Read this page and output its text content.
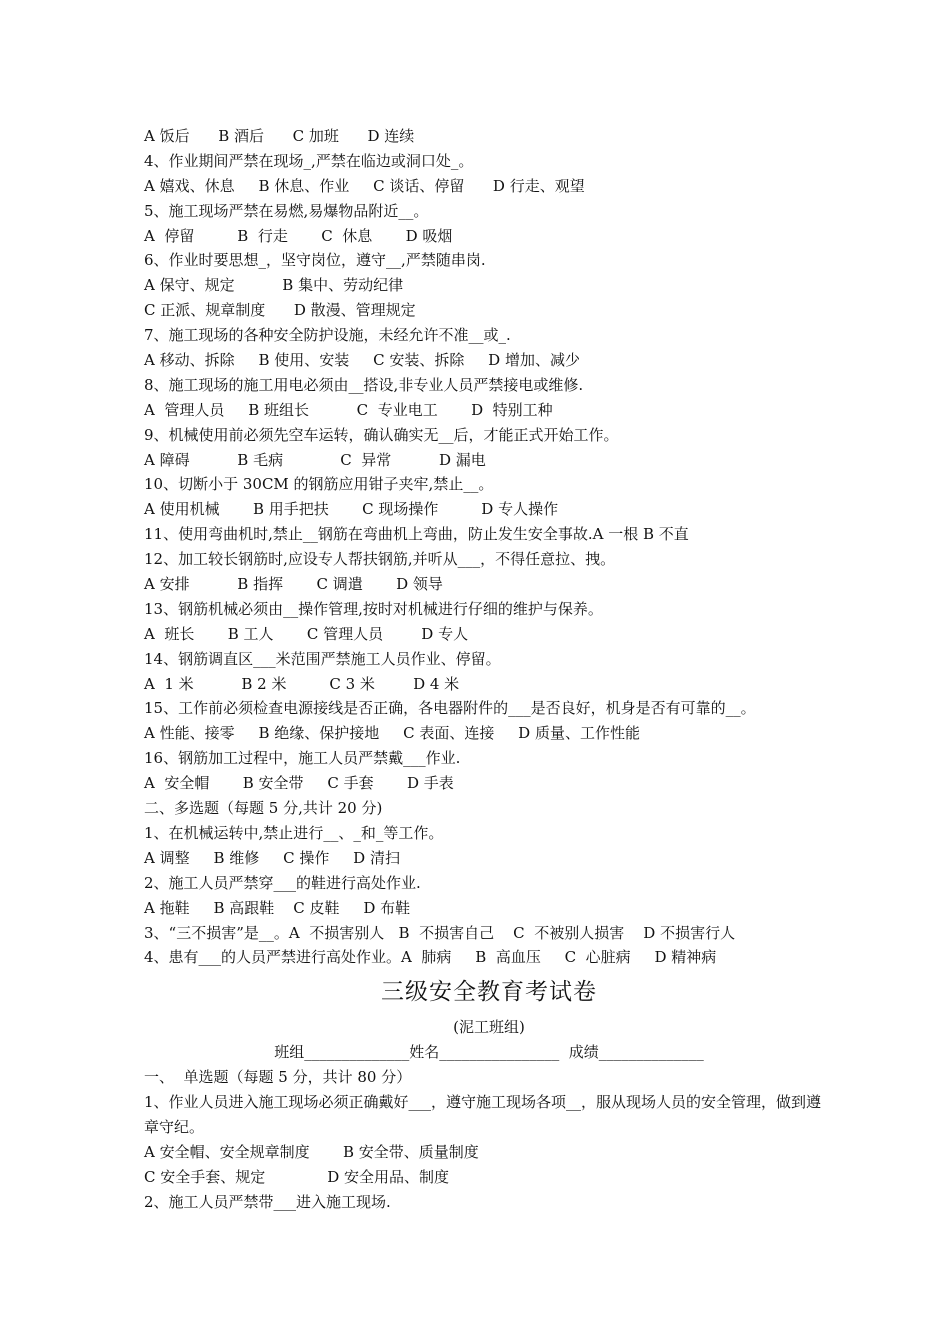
A 饭后      B 酒后      C 加班      D 连续
4、作业期间严禁在现场_,严禁在临边或洞口处_。
A 嬉戏、休息     B 休息、作业     C 谈话、停留      D 行走、观望
5、施工现场严禁在易燃,易爆物品附近__。
A  停留         B  行走       C  休息       D 吸烟
6、作业时要思想_，坚守岗位，遵守__,严禁随串岗.
A 保守、规定          B 集中、劳动纪律
C 正派、规章制度      D 散漫、管理规定
7、施工现场的各种安全防护设施，未经允许不准__或_.
A 移动、拆除     B 使用、安装     C 安装、拆除     D 增加、减少
8、施工现场的施工用电必须由__搭设,非专业人员严禁接电或维修.
A  管理人员     B 班组长          C  专业电工       D  特别工种
9、机械使用前必须先空车运转，确认确实无__后，才能正式开始工作。
A 障碍          B 毛病            C  异常          D 漏电
10、切断小于 30CM 的钢筋应用钳子夹牢,禁止__。
A 使用机械       B 用手把扶       C 现场操作         D 专人操作
11、使用弯曲机时,禁止__钢筋在弯曲机上弯曲，防止发生安全事故.A 一根 B 不直
12、加工较长钢筋时,应设专人帮扶钢筋,并听从___，不得任意拉、拽。
A 安排          B 指挥       C 调遣       D 领导
13、钢筋机械必须由__操作管理,按时对机械进行仔细的维护与保养。
A  班长       B 工人       C 管理人员        D 专人
14、钢筋调直区___米范围严禁施工人员作业、停留。
A  1 米          B 2 米         C 3 米        D 4 米
15、工作前必须检查电源接线是否正确，各电器附件的___是否良好，机身是否有可靠的__。
A 性能、接零     B 绝缘、保护接地     C 表面、连接     D 质量、工作性能
16、钢筋加工过程中，施工人员严禁戴___作业.
A  安全帽       B 安全带     C 手套       D 手表
二、多选题（每题 5 分,共计 20 分)
1、在机械运转中,禁止进行__、_和_等工作。
A 调整     B 维修     C 操作     D 清扫
2、施工人员严禁穿___的鞋进行高处作业.
A 拖鞋     B 高跟鞋    C 皮鞋     D 布鞋
3、“三不损害”是__。A  不损害别人   B  不损害自己    C  不被别人损害    D 不损害行人
4、患有___的人员严禁进行高处作业。A  肺病     B  高血压     C  心脏病     D 精神病
三级安全教育考试卷
(泥工班组)
班组______________姓名________________  成绩______________
一、  单选题（每题 5 分，共计 80 分）
1、作业人员进入施工现场必须正确戴好___，遵守施工现场各项__，服从现场人员的安全管理，做到遵章守纪。
A 安全帽、安全规章制度       B 安全带、质量制度
C 安全手套、规定             D 安全用品、制度
2、施工人员严禁带___进入施工现场.
